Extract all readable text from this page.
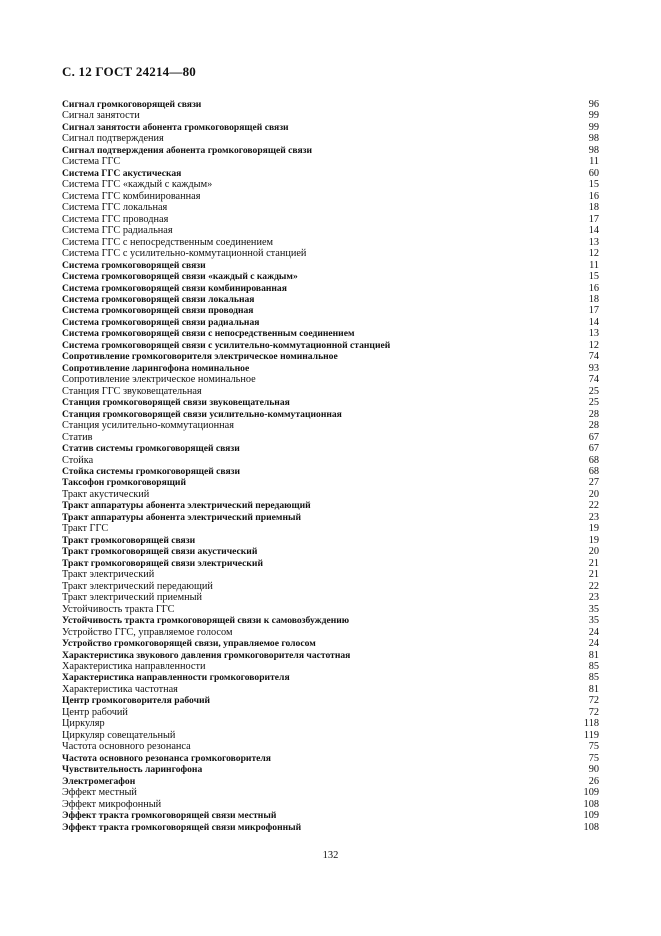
С. 12 ГОСТ 24214—80
Сигнал громкоговорящей связи	96
Сигнал занятости	99
Сигнал занятости абонента громкоговорящей связи	99
Сигнал подтверждения	98
Сигнал подтверждения абонента громкоговорящей связи	98
Система ГГС	11
Система ГГС акустическая	60
Система ГГС «каждый с каждым»	15
Система ГГС комбинированная	16
Система ГГС локальная	18
Система ГГС проводная	17
Система ГГС радиальная	14
Система ГГС с непосредственным соединением	13
Система ГГС с усилительно-коммутационной станцией	12
Система громкоговорящей связи	11
Система громкоговорящей связи «каждый с каждым»	15
Система громкоговорящей связи комбинированная	16
Система громкоговорящей связи локальная	18
Система громкоговорящей связи проводная	17
Система громкоговорящей связи радиальная	14
Система громкоговорящей связи с непосредственным соединением	13
Система громкоговорящей связи с усилительно-коммутационной станцией	12
Сопротивление громкоговорителя электрическое номинальное	74
Сопротивление ларингофона номинальное	93
Сопротивление электрическое номинальное	74
Станция ГГС звуковещательная	25
Станция громкоговорящей связи звуковещательная	25
Станция громкоговорящей связи усилительно-коммутационная	28
Станция усилительно-коммутационная	28
Статив	67
Статив системы громкоговорящей связи	67
Стойка	68
Стойка системы громкоговорящей связи	68
Таксофон громкоговорящий	27
Тракт акустический	20
Тракт аппаратуры абонента электрический передающий	22
Тракт аппаратуры абонента электрический приемный	23
Тракт ГГС	19
Тракт громкоговорящей связи	19
Тракт громкоговорящей связи акустический	20
Тракт громкоговорящей связи электрический	21
Тракт электрический	21
Тракт электрический передающий	22
Тракт электрический приемный	23
Устойчивость тракта ГГС	35
Устойчивость тракта громкоговорящей связи к самовозбуждению	35
Устройство ГГС, управляемое голосом	24
Устройство громкоговорящей связи, управляемое голосом	24
Характеристика звукового давления громкоговорителя частотная	81
Характеристика направленности	85
Характеристика направленности громкоговорителя	85
Характеристика частотная	81
Центр громкоговорителя рабочий	72
Центр рабочий	72
Циркуляр	118
Циркуляр совещательный	119
Частота основного резонанса	75
Частота основного резонанса громкоговорителя	75
Чувствительность ларингофона	90
Электромегафон	26
Эффект местный	109
Эффект микрофонный	108
Эффект тракта громкоговорящей связи местный	109
Эффект тракта громкоговорящей связи микрофонный	108
132
